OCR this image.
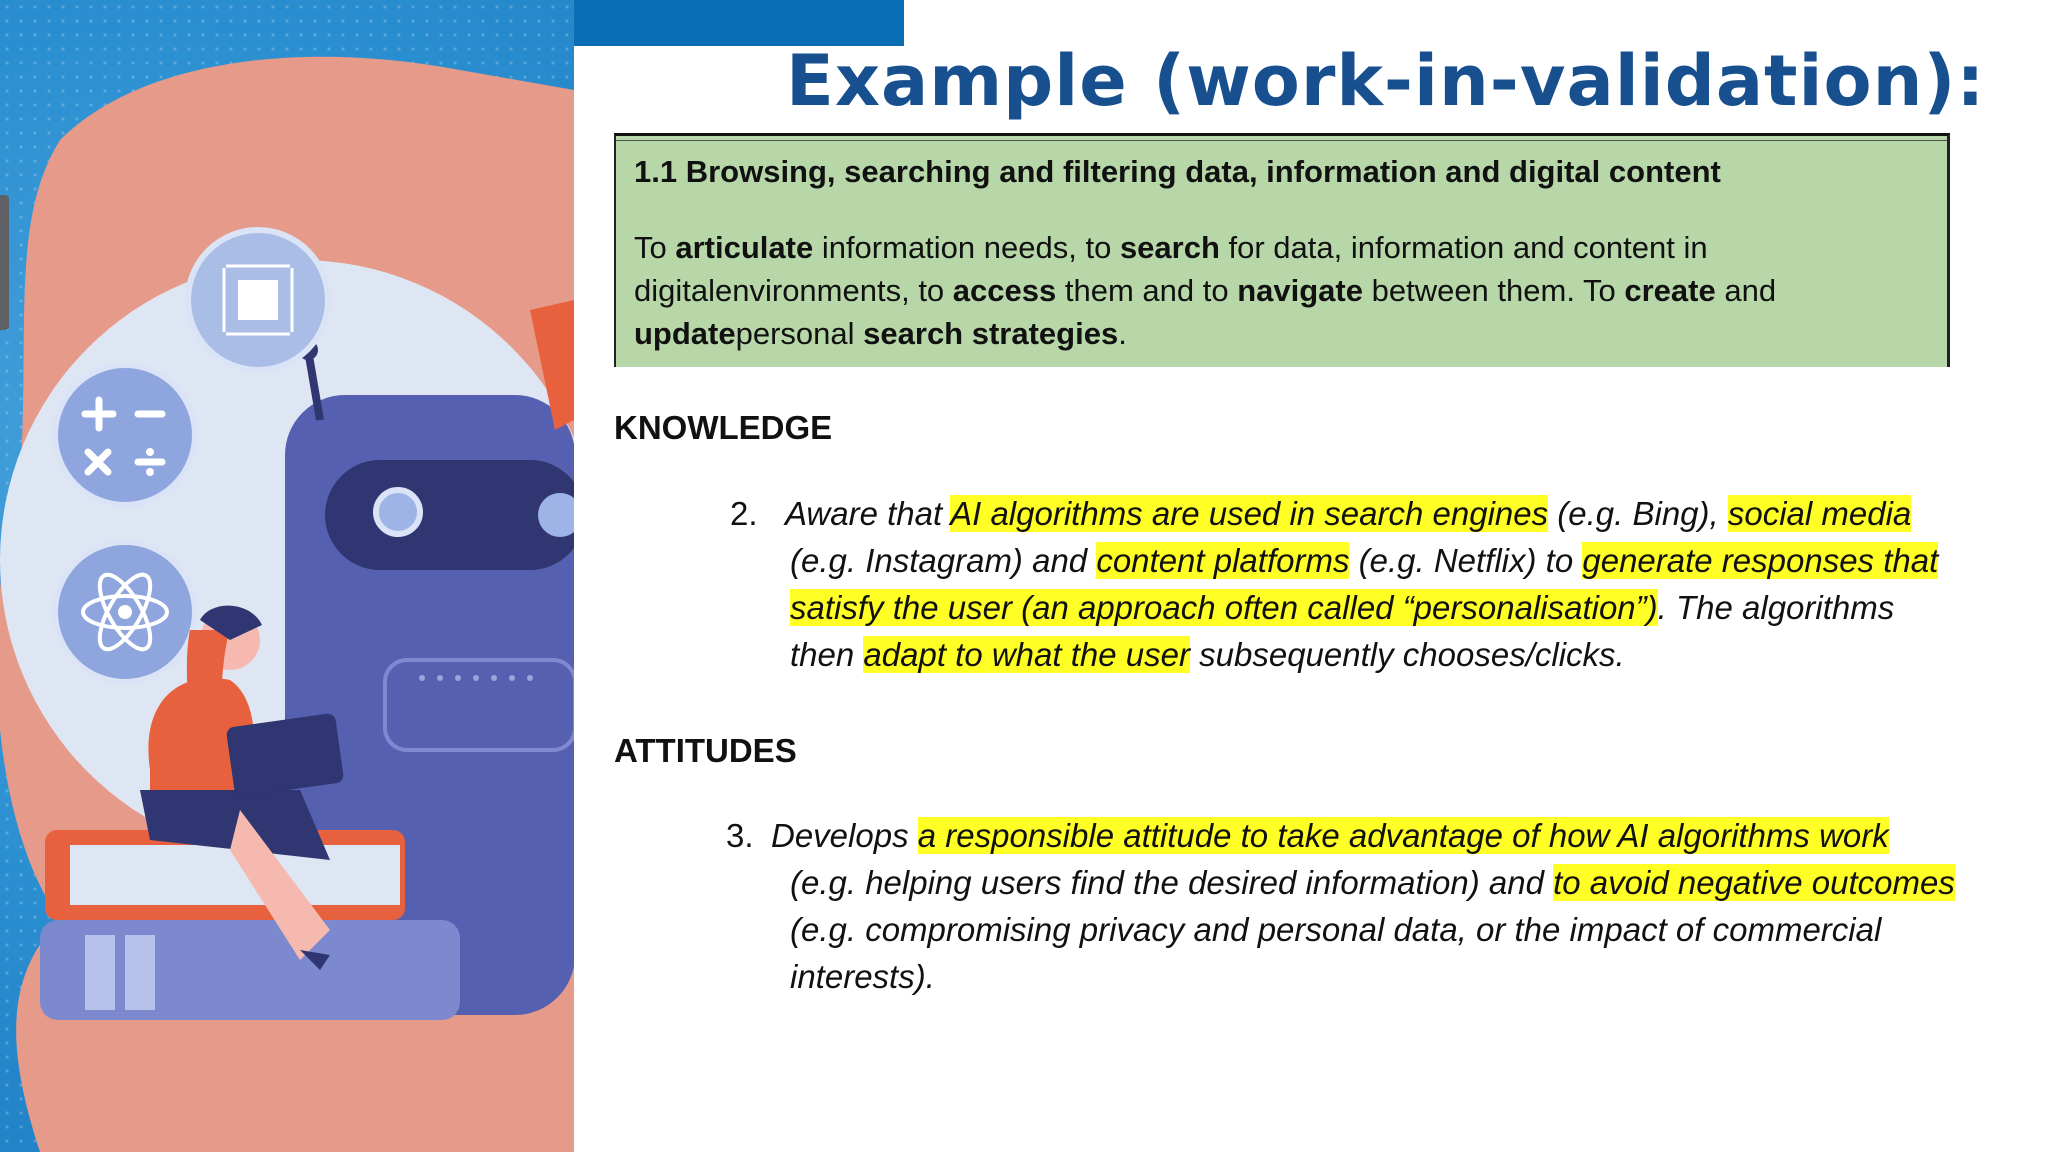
Example (work-in-validation):
1.1 Browsing, searching and filtering data, information and digital content
To articulate information needs, to search for data, information and content in digitalenvironments, to access them and to navigate between them. To create and updatepersonal search strategies.
KNOWLEDGE
2. Aware that AI algorithms are used in search engines (e.g. Bing), social media
(e.g. Instagram) and content platforms (e.g. Netflix) to generate responses that
satisfy the user (an approach often called “personalisation”). The algorithms
then adapt to what the user subsequently chooses/clicks.
ATTITUDES
3. Develops a responsible attitude to take advantage of how AI algorithms work
(e.g. helping users find the desired information) and to avoid negative outcomes
(e.g. compromising privacy and personal data, or the impact of commercial
interests).
